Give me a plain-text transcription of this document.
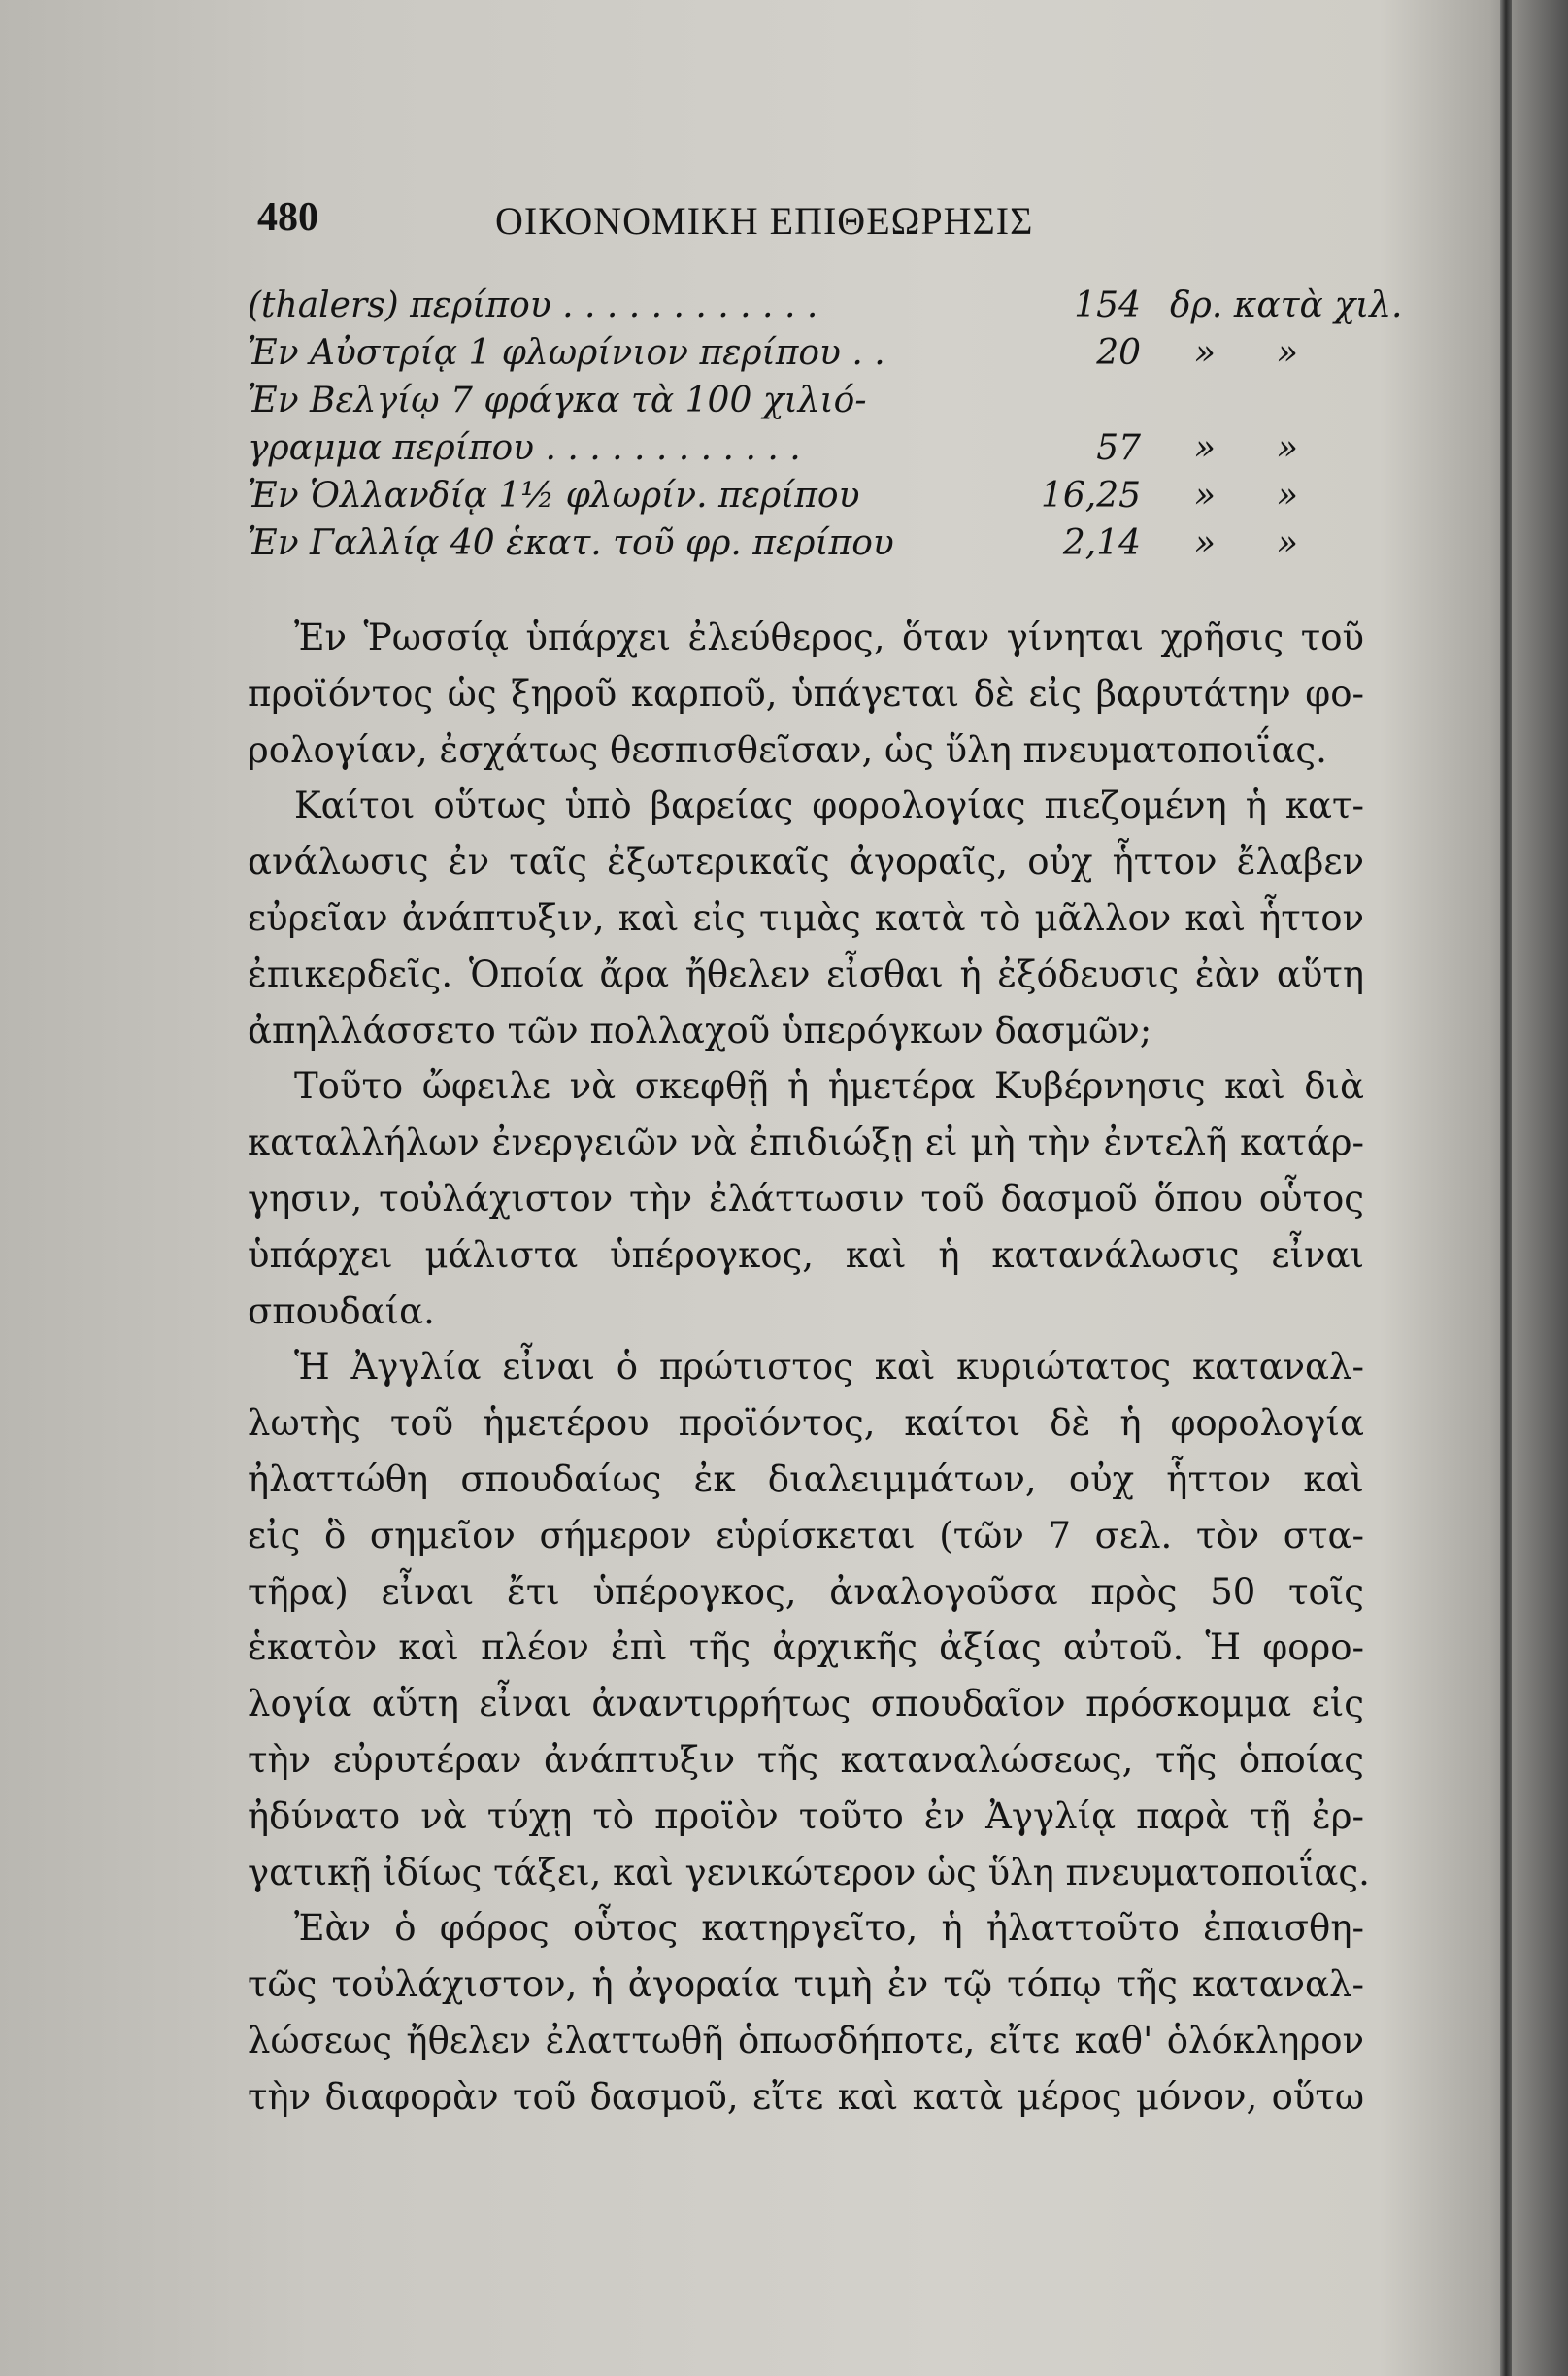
480	ΟΙΚΟΝΟΜΙΚΗ ΕΠΙΘΕΩΡΗΣΙΣ
(thalers) περίπου . . . . . . . . . . . .	154 δρ. κατὰ χιλ.
Ἐν Αὐστρίᾳ 1 φλωρίνιον περίπου . .	20 » »
Ἐν Βελγίῳ 7 φράγκα τὰ 100 χιλιό-
γραμμα περίπου . . . . . . . . . . . .	57 » »
Ἐν Ὁλλανδίᾳ 1½ φλωρίν. περίπου	16,25 » »
Ἐν Γαλλίᾳ 40 ἑκατ. τοῦ φρ. περίπου	2,14 » »
Ἐν Ῥωσσίᾳ ὑπάρχει ἐλεύθερος, ὅταν γίνηται χρῆσις τοῦ
προϊόντος ὡς ξηροῦ καρποῦ, ὑπάγεται δὲ εἰς βαρυτάτην φο-
ρολογίαν, ἐσχάτως θεσπισθεῖσαν, ὡς ὕλη πνευματοποιΐας.
Καίτοι οὕτως ὑπὸ βαρείας φορολογίας πιεζομένη ἡ κατ-
ανάλωσις ἐν ταῖς ἐξωτερικαῖς ἀγοραῖς, οὐχ ἧττον ἔλαβεν
εὐρεῖαν ἀνάπτυξιν, καὶ εἰς τιμὰς κατὰ τὸ μᾶλλον καὶ ἧττον
ἐπικερδεῖς. Ὁποία ἄρα ἤθελεν εἶσθαι ἡ ἐξόδευσις ἐὰν αὕτη
ἀπηλλάσσετο τῶν πολλαχοῦ ὑπερόγκων δασμῶν;
Τοῦτο ὤφειλε νὰ σκεφθῇ ἡ ἡμετέρα Κυβέρνησις καὶ διὰ
καταλλήλων ἐνεργειῶν νὰ ἐπιδιώξῃ εἰ μὴ τὴν ἐντελῆ κατάρ-
γησιν, τοὐλάχιστον τὴν ἐλάττωσιν τοῦ δασμοῦ ὅπου οὗτος
ὑπάρχει μάλιστα ὑπέρογκος, καὶ ἡ κατανάλωσις εἶναι
σπουδαία.
Ἡ Ἀγγλία εἶναι ὁ πρώτιστος καὶ κυριώτατος καταναλ-
λωτὴς τοῦ ἡμετέρου προϊόντος, καίτοι δὲ ἡ φορολογία
ἠλαττώθη σπουδαίως ἐκ διαλειμμάτων, οὐχ ἧττον καὶ
εἰς ὃ σημεῖον σήμερον εὑρίσκεται (τῶν 7 σελ. τὸν στα-
τῆρα) εἶναι ἔτι ὑπέρογκος, ἀναλογοῦσα πρὸς 50 τοῖς
ἑκατὸν καὶ πλέον ἐπὶ τῆς ἀρχικῆς ἀξίας αὐτοῦ. Ἡ φορο-
λογία αὕτη εἶναι ἀναντιρρήτως σπουδαῖον πρόσκομμα εἰς
τὴν εὐρυτέραν ἀνάπτυξιν τῆς καταναλώσεως, τῆς ὁποίας
ἠδύνατο νὰ τύχῃ τὸ προϊὸν τοῦτο ἐν Ἀγγλίᾳ παρὰ τῇ ἐρ-
γατικῇ ἰδίως τάξει, καὶ γενικώτερον ὡς ὕλη πνευματοποιΐας.
Ἐὰν ὁ φόρος οὗτος κατηργεῖτο, ἡ ἠλαττοῦτο ἐπαισθη-
τῶς τοὐλάχιστον, ἡ ἀγοραία τιμὴ ἐν τῷ τόπῳ τῆς καταναλ-
λώσεως ἤθελεν ἐλαττωθῆ ὁπωσδήποτε, εἴτε καθ' ὁλόκληρον
τὴν διαφορὰν τοῦ δασμοῦ, εἴτε καὶ κατὰ μέρος μόνον, οὕτω
